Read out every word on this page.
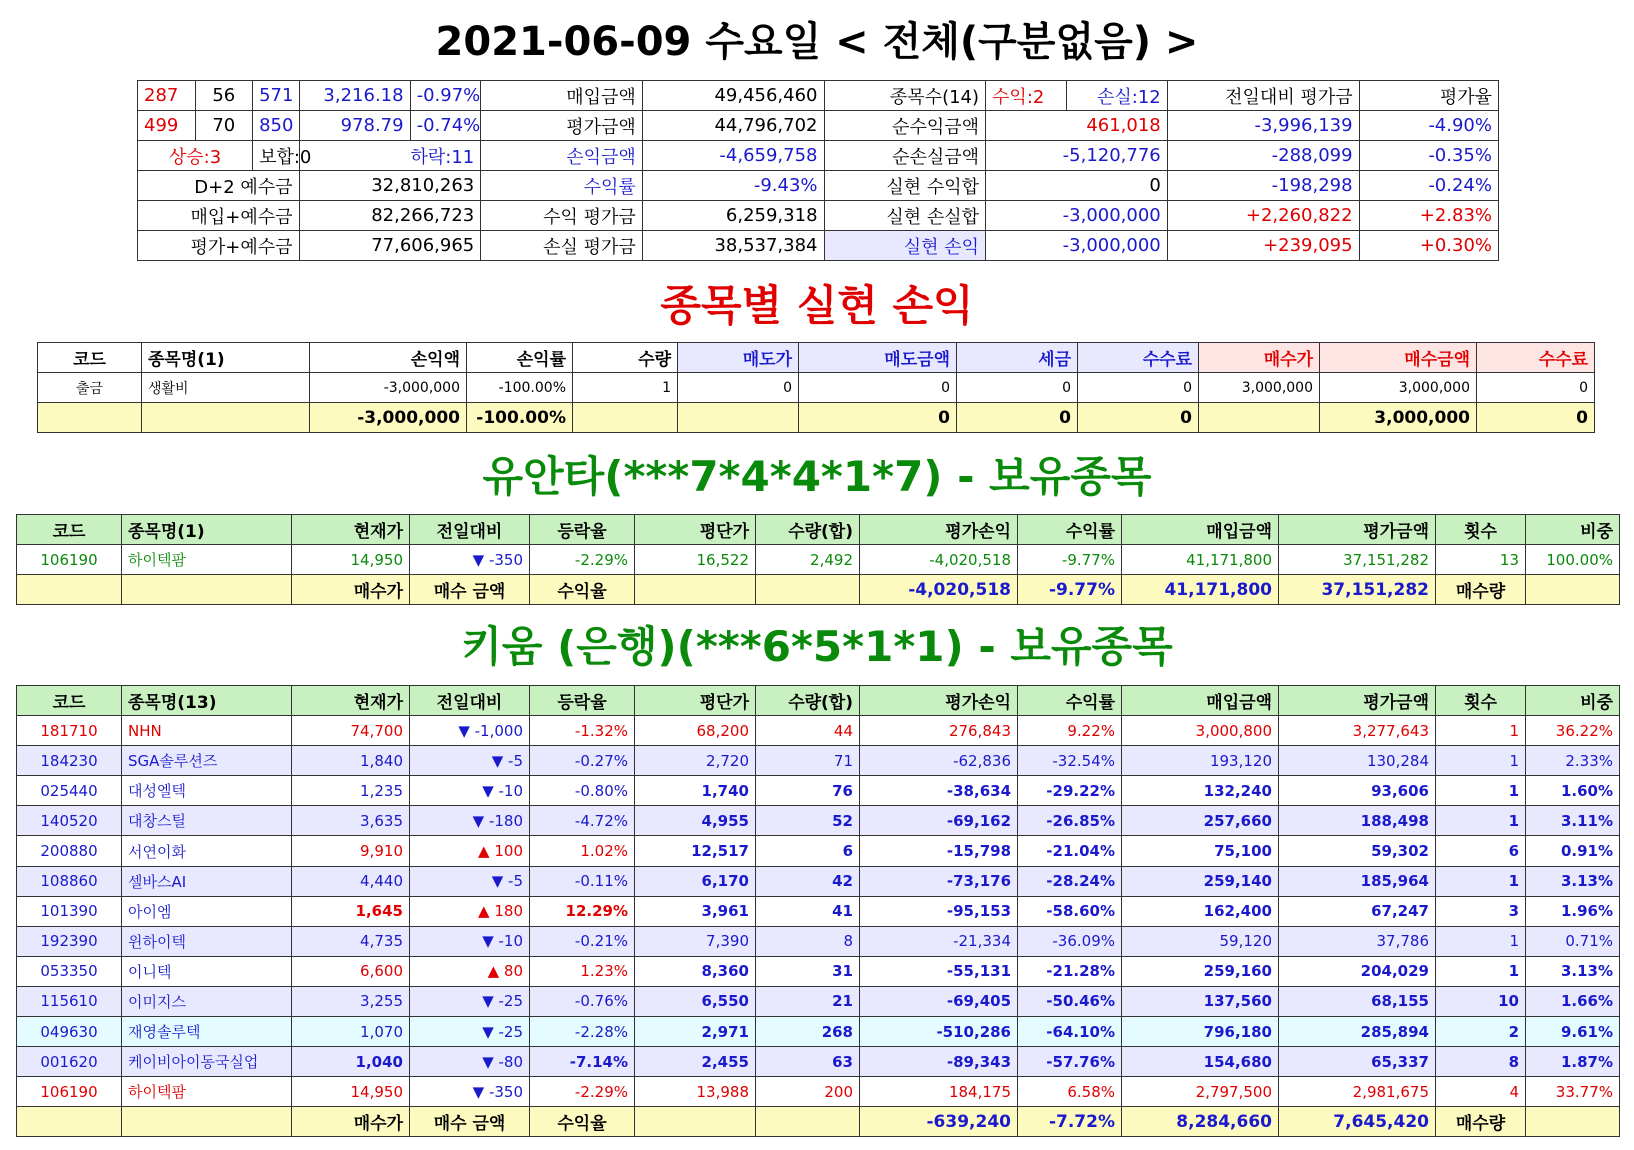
2021-06-09 수요일 < 전체(구분없음) >
287	56	571	3,216.18	-0.97%	매입금액	49,456,460	종목수(14)	수익:2	손실:12	전일대비 평가금	평가율
499	70	850	978.79	-0.74%	평가금액	44,796,702	순수익금액	461,018		-3,996,139	-4.90%
상승:3		보합:0	하락:11		손익금액	-4,659,758	순손실금액	-5,120,776		-288,099	-0.35%
D+2 예수금			32,810,263		수익률	-9.43%	실현 수익합	0		-198,298	-0.24%
매입+예수금			82,266,723		수익 평가금	6,259,318	실현 손실합	-3,000,000		+2,260,822	+2.83%
평가+예수금			77,606,965		손실 평가금	38,537,384	실현 손익	-3,000,000		+239,095	+0.30%
종목별 실현 손익
코드	종목명(1)	손익액	손익률	수량	매도가	매도금액	세금	수수료	매수가	매수금액	수수료
출금	생활비	-3,000,000	-100.00%	1	0	0	0	0	3,000,000	3,000,000	0
		-3,000,000	-100.00%			0	0	0		3,000,000	0
유안타(***7*4*4*1*7) - 보유종목
코드	종목명(1)	현재가	전일대비	등락율	평단가	수량(합)	평가손익	수익률	매입금액	평가금액	횟수	비중
106190	하이텍팜	14,950	▼ -350	-2.29%	16,522	2,492	-4,020,518	-9.77%	41,171,800	37,151,282	13	100.00%
		매수가	매수 금액	수익율			-4,020,518	-9.77%	41,171,800	37,151,282	매수량	
키움 (은행)(***6*5*1*1) - 보유종목
코드	종목명(13)	현재가	전일대비	등락율	평단가	수량(합)	평가손익	수익률	매입금액	평가금액	횟수	비중
181710	NHN	74,700	▼ -1,000	-1.32%	68,200	44	276,843	9.22%	3,000,800	3,277,643	1	36.22%
184230	SGA솔루션즈	1,840	▼ -5	-0.27%	2,720	71	-62,836	-32.54%	193,120	130,284	1	2.33%
025440	대성엘텍	1,235	▼ -10	-0.80%	1,740	76	-38,634	-29.22%	132,240	93,606	1	1.60%
140520	대창스틸	3,635	▼ -180	-4.72%	4,955	52	-69,162	-26.85%	257,660	188,498	1	3.11%
200880	서연이화	9,910	▲ 100	1.02%	12,517	6	-15,798	-21.04%	75,100	59,302	6	0.91%
108860	셀바스AI	4,440	▼ -5	-0.11%	6,170	42	-73,176	-28.24%	259,140	185,964	1	3.13%
101390	아이엠	1,645	▲ 180	12.29%	3,961	41	-95,153	-58.60%	162,400	67,247	3	1.96%
192390	윈하이텍	4,735	▼ -10	-0.21%	7,390	8	-21,334	-36.09%	59,120	37,786	1	0.71%
053350	이니텍	6,600	▲ 80	1.23%	8,360	31	-55,131	-21.28%	259,160	204,029	1	3.13%
115610	이미지스	3,255	▼ -25	-0.76%	6,550	21	-69,405	-50.46%	137,560	68,155	10	1.66%
049630	재영솔루텍	1,070	▼ -25	-2.28%	2,971	268	-510,286	-64.10%	796,180	285,894	2	9.61%
001620	케이비아이동국실업	1,040	▼ -80	-7.14%	2,455	63	-89,343	-57.76%	154,680	65,337	8	1.87%
106190	하이텍팜	14,950	▼ -350	-2.29%	13,988	200	184,175	6.58%	2,797,500	2,981,675	4	33.77%
		매수가	매수 금액	수익율			-639,240	-7.72%	8,284,660	7,645,420	매수량	
